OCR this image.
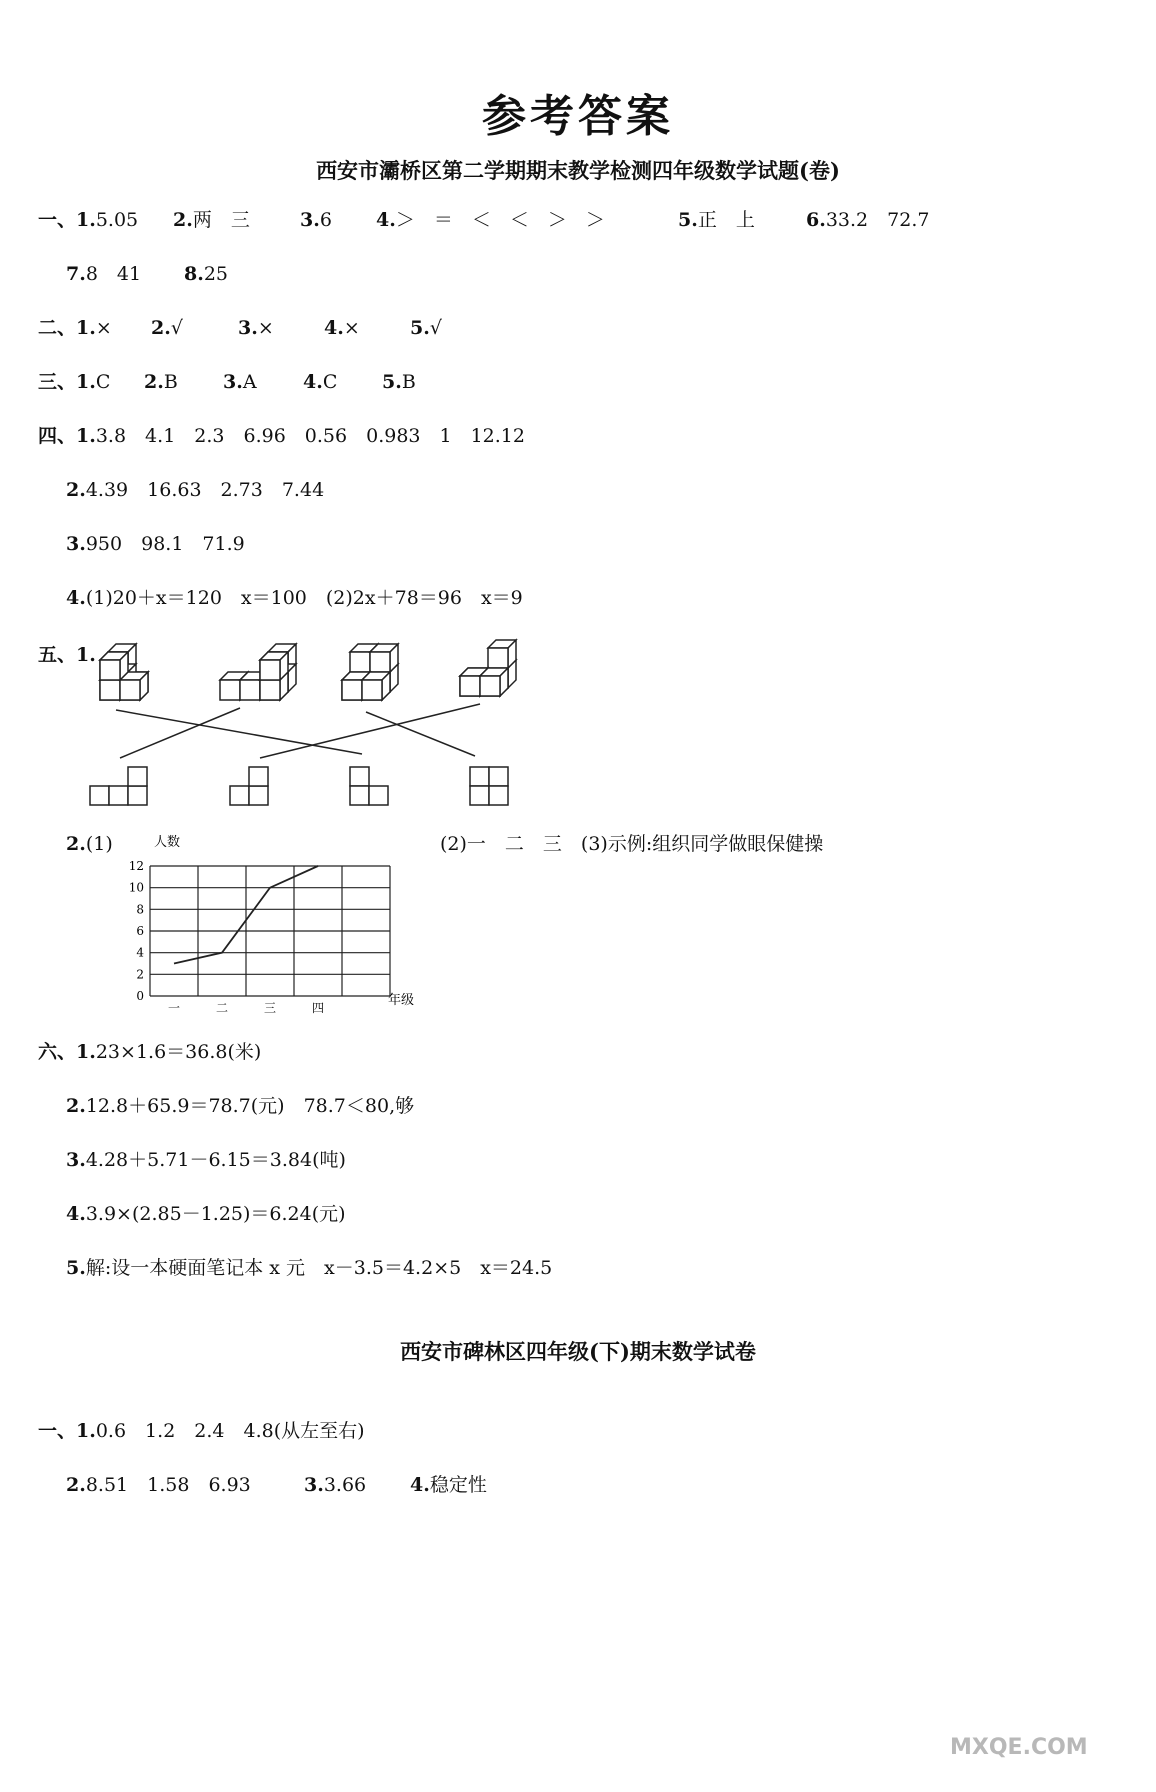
参考答案
西安市灞桥区第二学期期末教学检测四年级数学试题(卷)
一、1.5.05 2.两　三	3.6 4.＞　＝　＜　＜　＞　＞	5.正　上	6.33.2　72.7
7.8　41 8.25
二、1.× 2.√	3.×	4.×	5.√
三、1.C 2.B 3.A 4.C 5.B
四、1.3.8　4.1　2.3　6.96　0.56　0.983　1　12.12
2.4.39　16.63　2.73　7.44
3.950　98.1　71.9
4.(1)20＋x＝120　x＝100　(2)2x＋78＝96　x＝9
五、1.
2.(1)	(2)一　二　三　(3)示例:组织同学做眼保健操
0
2
4
6
8
10
12
一	二	三	四
人数
年级
六、1.23×1.6＝36.8(米)
2.12.8＋65.9＝78.7(元)　78.7＜80,够
3.4.28＋5.71－6.15＝3.84(吨)
4.3.9×(2.85－1.25)＝6.24(元)
5.解:设一本硬面笔记本 x 元　x－3.5＝4.2×5　x＝24.5
西安市碑林区四年级(下)期末数学试卷
一、1.0.6　1.2　2.4　4.8(从左至右)
2.8.51　1.58　6.93	3.3.66 4.稳定性
MXQE.COM
